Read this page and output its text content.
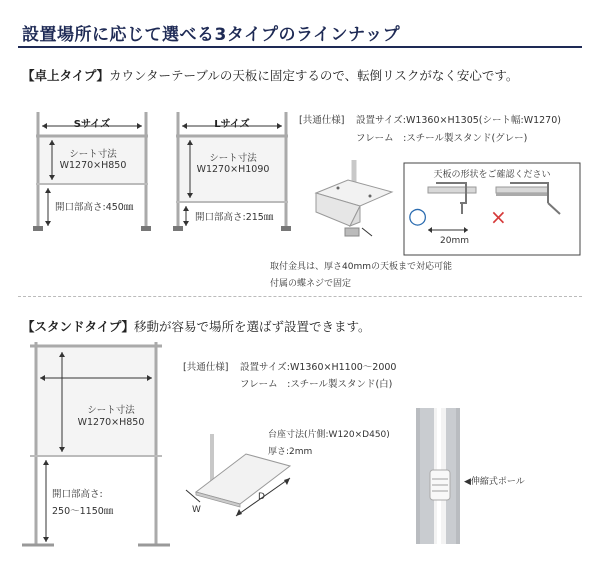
設置場所に応じて選べる3タイプのラインナップ
【卓上タイプ】カウンターテーブルの天板に固定するので、転倒リスクがなく安心です。
Sサイズ
シート寸法
W1270×H850
開口部高さ:450㎜
Lサイズ
シート寸法
W1270×H1090
開口部高さ:215㎜
[共通仕様] 設置サイズ:W1360×H1305(シート幅:W1270)
フレーム　:スチール製スタンド(グレー)
天板の形状をご確認ください
○	×
20mm
取付金具は、厚さ40mmの天板まで対応可能
付属の蝶ネジで固定
【スタンドタイプ】移動が容易で場所を選ばず設置できます。
シート寸法
W1270×H850
開口部高さ:
250〜1150㎜
[共通仕様] 設置サイズ:W1360×H1100〜2000
フレーム　:スチール製スタンド(白)
台座寸法(片側:W120×D450)
厚さ:2mm
W
D
◀伸縮式ポール
